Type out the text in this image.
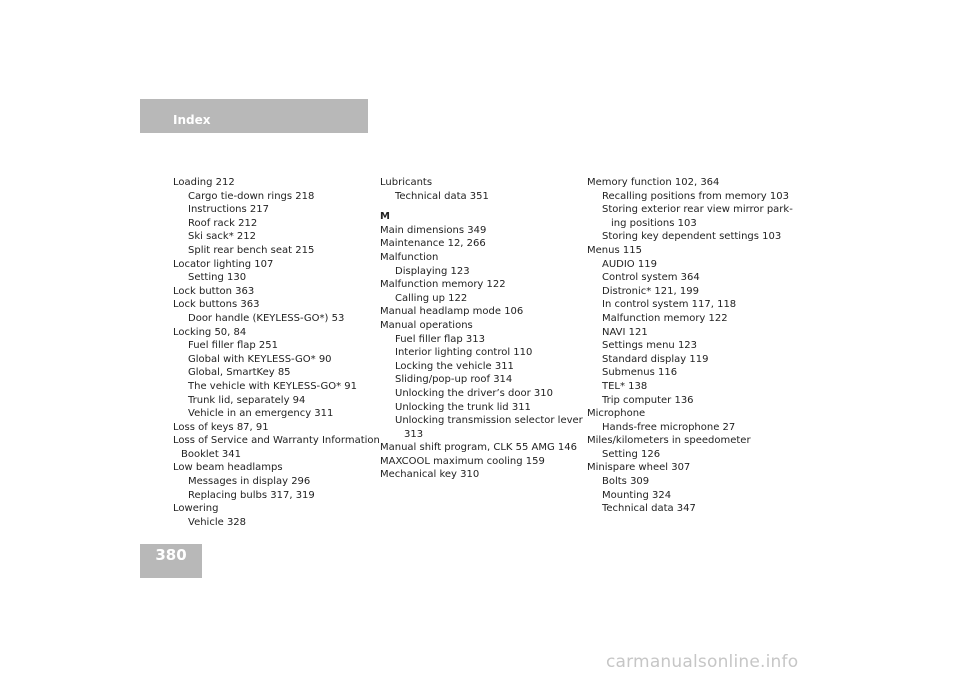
Index
Loading 212
Cargo tie-down rings 218
Instructions 217
Roof rack 212
Ski sack* 212
Split rear bench seat 215
Locator lighting 107
Setting 130
Lock button 363
Lock buttons 363
Door handle (KEYLESS-GO*) 53
Locking 50, 84
Fuel filler flap 251
Global with KEYLESS-GO* 90
Global, SmartKey 85
The vehicle with KEYLESS-GO* 91
Trunk lid, separately 94
Vehicle in an emergency 311
Loss of keys 87, 91
Loss of Service and Warranty Information
Booklet 341
Low beam headlamps
Messages in display 296
Replacing bulbs 317, 319
Lowering
Vehicle 328
Lubricants
Technical data 351
M
Main dimensions 349
Maintenance 12, 266
Malfunction
Displaying 123
Malfunction memory 122
Calling up 122
Manual headlamp mode 106
Manual operations
Fuel filler flap 313
Interior lighting control 110
Locking the vehicle 311
Sliding/pop-up roof 314
Unlocking the driver’s door 310
Unlocking the trunk lid 311
Unlocking transmission selector lever
313
Manual shift program, CLK 55 AMG 146
MAXCOOL maximum cooling 159
Mechanical key 310
Memory function 102, 364
Recalling positions from memory 103
Storing exterior rear view mirror park-
ing positions 103
Storing key dependent settings 103
Menus 115
AUDIO 119
Control system 364
Distronic* 121, 199
In control system 117, 118
Malfunction memory 122
NAVI 121
Settings menu 123
Standard display 119
Submenus 116
TEL* 138
Trip computer 136
Microphone
Hands-free microphone 27
Miles/kilometers in speedometer
Setting 126
Minispare wheel 307
Bolts 309
Mounting 324
Technical data 347
380
carmanualsonline.info
